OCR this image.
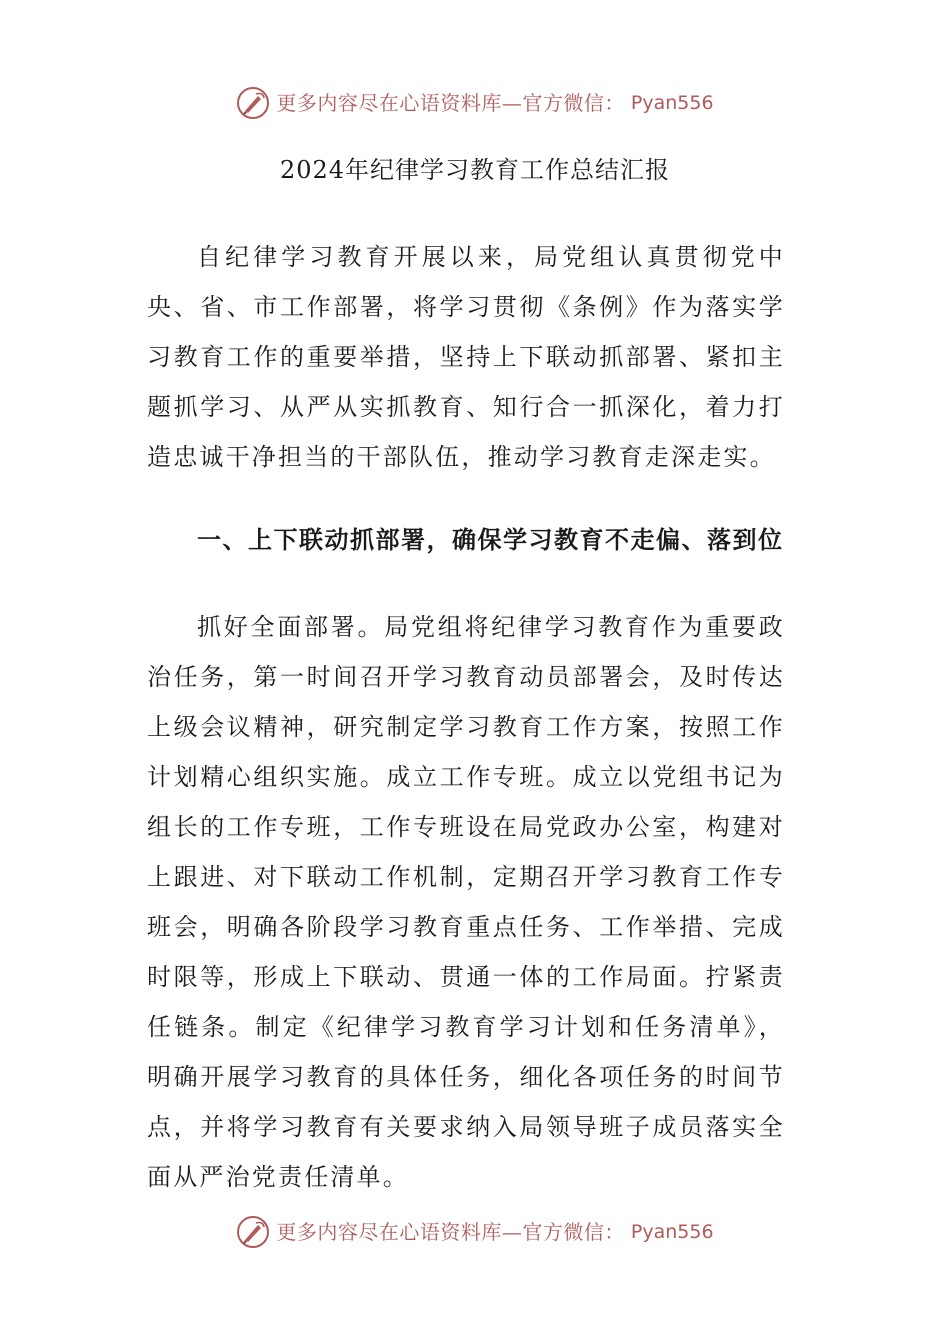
更多内容尽在心语资料库—官方微信： Pyan556
2024年纪律学习教育工作总结汇报

自纪律学习教育开展以来，局党组认真贯彻党中央、省、市工作部署，将学习贯彻《条例》作为落实学习教育工作的重要举措，坚持上下联动抓部署、紧扣主题抓学习、从严从实抓教育、知行合一抓深化，着力打造忠诚干净担当的干部队伍，推动学习教育走深走实。

一、上下联动抓部署，确保学习教育不走偏、落到位

抓好全面部署。局党组将纪律学习教育作为重要政治任务，第一时间召开学习教育动员部署会，及时传达上级会议精神，研究制定学习教育工作方案，按照工作计划精心组织实施。成立工作专班。成立以党组书记为组长的工作专班，工作专班设在局党政办公室，构建对上跟进、对下联动工作机制，定期召开学习教育工作专班会，明确各阶段学习教育重点任务、工作举措、完成时限等，形成上下联动、贯通一体的工作局面。拧紧责任链条。制定《纪律学习教育学习计划和任务清单》，明确开展学习教育的具体任务，细化各项任务的时间节点，并将学习教育有关要求纳入局领导班子成员落实全面从严治党责任清单。

更多内容尽在心语资料库—官方微信： Pyan556
